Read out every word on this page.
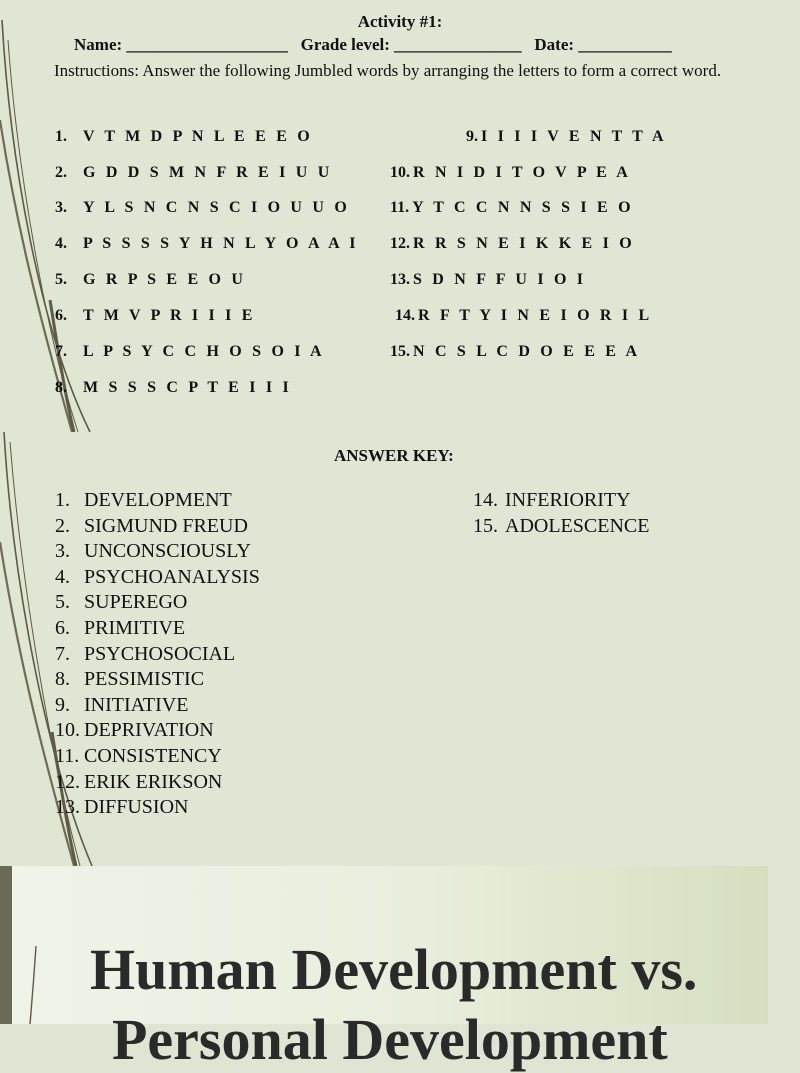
Activity #1:
Name: ___________________ Grade level: _______________ Date: ___________
Instructions: Answer the following Jumbled words by arranging the letters to form a correct word.
1. V T M D P N L E E E O
2. G D D S M N F R E I U U
3. Y L S N C N S C I O U U O
4. P S S S S Y H N L Y O A A I
5. G R P S E E O U
6. T M V P R I I I E
7. L P S Y C C H O S O I A
8. M S S S C P T E I I I
9. I I I I V E N T T A
10. R N I D I T O V P E A
11. Y T C C N N S S I E O
12. R R S N E I K K E I O
13. S D N F F U I O I
14. R F T Y I N E I O R I L
15. N C S L C D O E E E A
ANSWER KEY:
1. DEVELOPMENT
2. SIGMUND FREUD
3. UNCONSCIOUSLY
4. PSYCHOANALYSIS
5. SUPEREGO
6. PRIMITIVE
7. PSYCHOSOCIAL
8. PESSIMISTIC
9. INITIATIVE
10. DEPRIVATION
11. CONSISTENCY
12. ERIK ERIKSON
13. DIFFUSION
14. INFERIORITY
15. ADOLESCENCE
Human Development vs.
Personal Development
